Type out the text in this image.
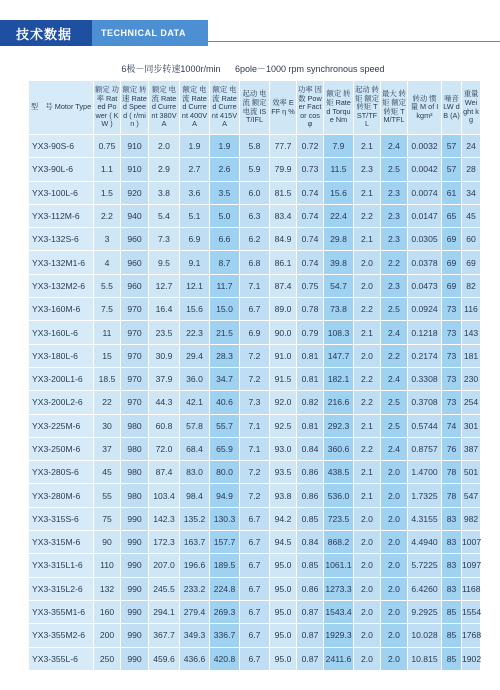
技术数据	TECHNICAL DATA
6极－同步转速1000r/min 6pole－1000 rpm synchronous speed
型　号 Motor Type	额定 功率 Rated Power ( KW )	额定 转速 Rated Speed ( r/min )	额定 电流 Rated Current 380VA	额定 电流 Rated Current 400VA	额定 电流 Rated Current 415VA	起动 电流 额定 电流 IST/IFL	效率 EFF η %	功率 因数 Power Factor cos φ	额定 转矩 Rated Torque Nm	起动 转矩 额定 转矩 TST/TFL	最大 转矩 额定 转矩 TM/TFL	转动 惯量 M of I kgm²	噪音 LW dB (A)	重量 Weight kg
YX3-90S-6	0.75	910	2.0	1.9	1.9	5.8	77.7	0.72	7.9	2.1	2.4	0.0032	57	24
YX3-90L-6	1.1	910	2.9	2.7	2.6	5.9	79.9	0.73	11.5	2.3	2.5	0.0042	57	28
YX3-100L-6	1.5	920	3.8	3.6	3.5	6.0	81.5	0.74	15.6	2.1	2.3	0.0074	61	34
YX3-112M-6	2.2	940	5.4	5.1	5.0	6.3	83.4	0.74	22.4	2.2	2.3	0.0147	65	45
YX3-132S-6	3	960	7.3	6.9	6.6	6.2	84.9	0.74	29.8	2.1	2.3	0.0305	69	60
YX3-132M1-6	4	960	9.5	9.1	8.7	6.8	86.1	0.74	39.8	2.0	2.2	0.0378	69	69
YX3-132M2-6	5.5	960	12.7	12.1	11.7	7.1	87.4	0.75	54.7	2.0	2.3	0.0473	69	82
YX3-160M-6	7.5	970	16.4	15.6	15.0	6.7	89.0	0.78	73.8	2.2	2.5	0.0924	73	116
YX3-160L-6	11	970	23.5	22.3	21.5	6.9	90.0	0.79	108.3	2.1	2.4	0.1218	73	143
YX3-180L-6	15	970	30.9	29.4	28.3	7.2	91.0	0.81	147.7	2.0	2.2	0.2174	73	181
YX3-200L1-6	18.5	970	37.9	36.0	34.7	7.2	91.5	0.81	182.1	2.2	2.4	0.3308	73	230
YX3-200L2-6	22	970	44.3	42.1	40.6	7.3	92.0	0.82	216.6	2.2	2.5	0.3708	73	254
YX3-225M-6	30	980	60.8	57.8	55.7	7.1	92.5	0.81	292.3	2.1	2.5	0.5744	74	301
YX3-250M-6	37	980	72.0	68.4	65.9	7.1	93.0	0.84	360.6	2.2	2.4	0.8757	76	387
YX3-280S-6	45	980	87.4	83.0	80.0	7.2	93.5	0.86	438.5	2.1	2.0	1.4700	78	501
YX3-280M-6	55	980	103.4	98.4	94.9	7.2	93.8	0.86	536.0	2.1	2.0	1.7325	78	547
YX3-315S-6	75	990	142.3	135.2	130.3	6.7	94.2	0.85	723.5	2.0	2.0	4.3155	83	982
YX3-315M-6	90	990	172.3	163.7	157.7	6.7	94.5	0.84	868.2	2.0	2.0	4.4940	83	1007
YX3-315L1-6	110	990	207.0	196.6	189.5	6.7	95.0	0.85	1061.1	2.0	2.0	5.7225	83	1097
YX3-315L2-6	132	990	245.5	233.2	224.8	6.7	95.0	0.86	1273.3	2.0	2.0	6.4260	83	1168
YX3-355M1-6	160	990	294.1	279.4	269.3	6.7	95.0	0.87	1543.4	2.0	2.0	9.2925	85	1554
YX3-355M2-6	200	990	367.7	349.3	336.7	6.7	95.0	0.87	1929.3	2.0	2.0	10.028	85	1768
YX3-355L-6	250	990	459.6	436.6	420.8	6.7	95.0	0.87	2411.6	2.0	2.0	10.815	85	1902
